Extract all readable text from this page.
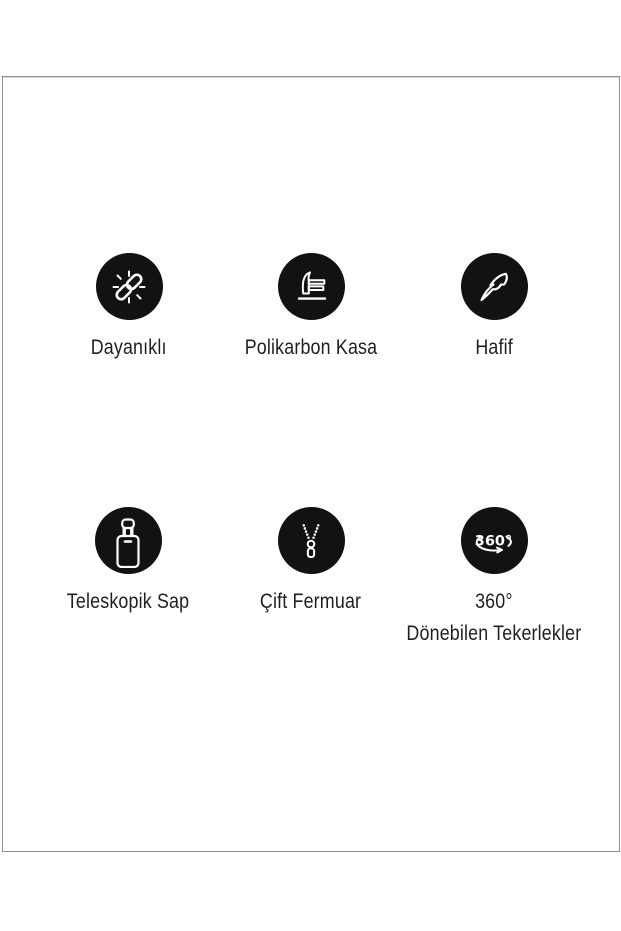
Dayanıklı	Polikarbon Kasa	Hafif
Teleskopik Sap	Çift Fermuar
360°
360°
Dönebilen Tekerlekler
